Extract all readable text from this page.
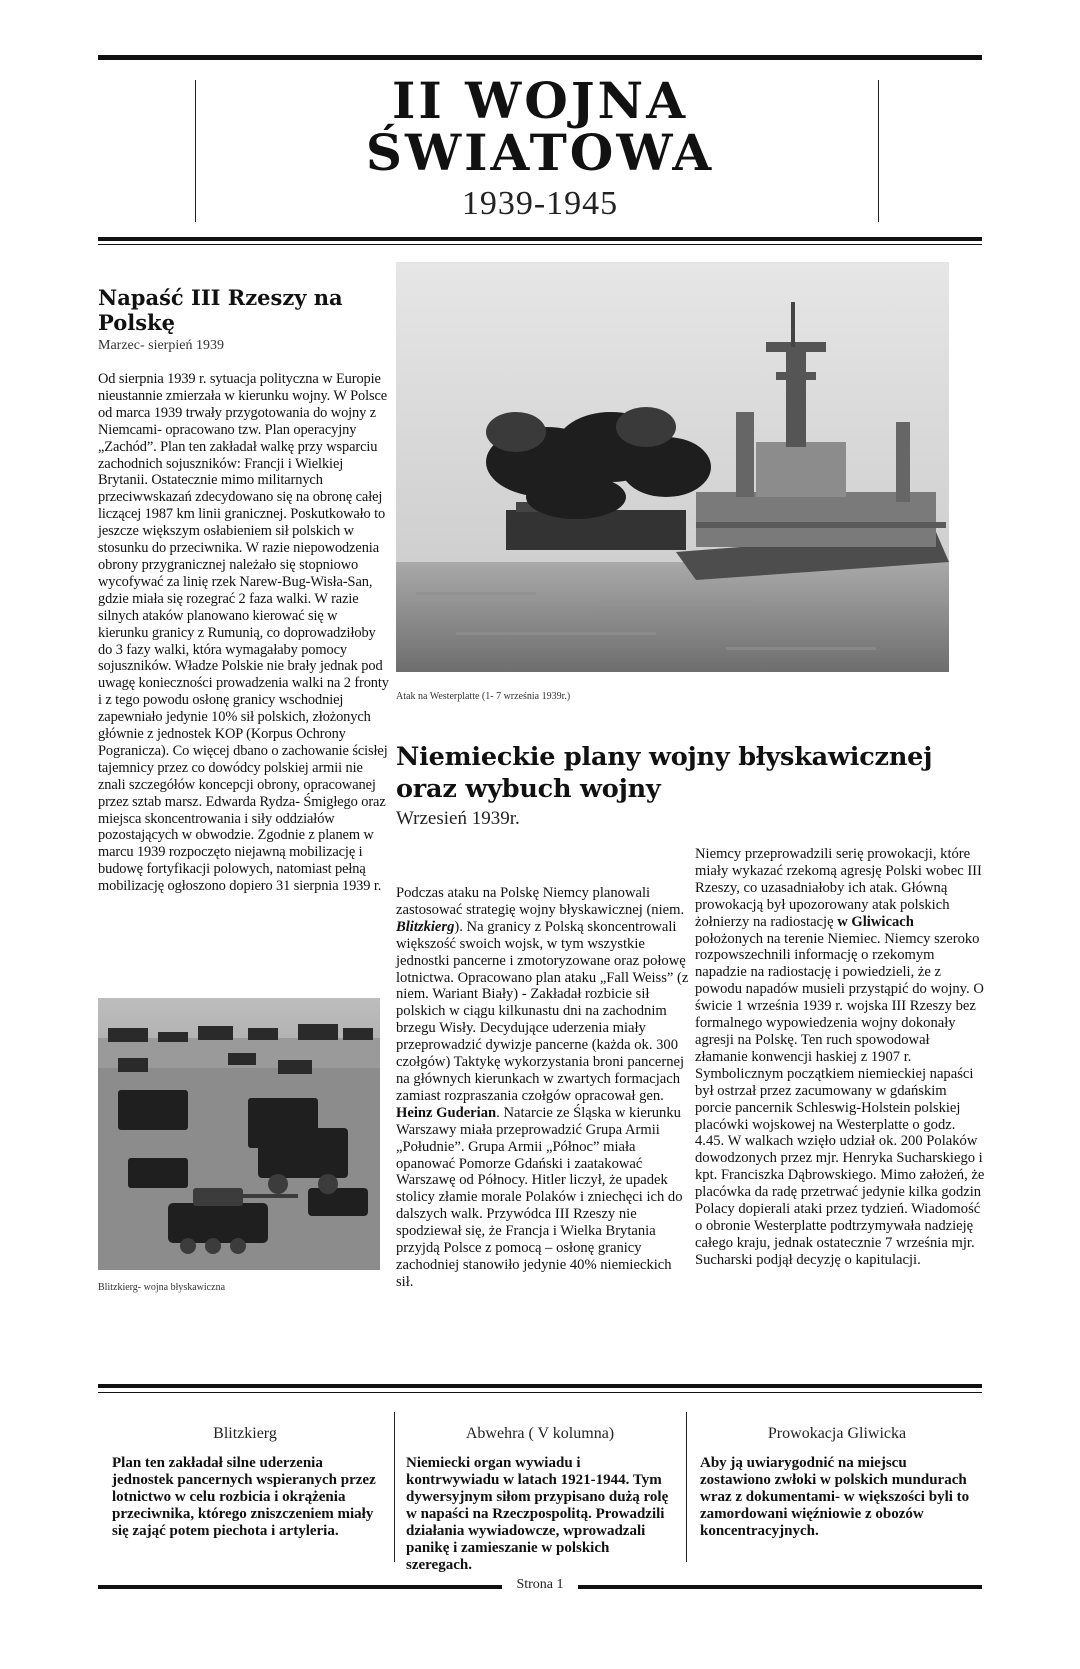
II WOJNA
ŚWIATOWA
1939-1945
Napaść III Rzeszy na Polskę
Marzec- sierpień 1939
Od sierpnia 1939 r. sytuacja polityczna w Europie nieustannie zmierzała w kierunku wojny. W Polsce od marca 1939 trwały przygotowania do wojny z Niemcami- opracowano tzw. Plan operacyjny „Zachód”. Plan ten zakładał walkę przy wsparciu zachodnich sojuszników: Francji i Wielkiej Brytanii. Ostatecznie mimo militarnych przeciwwskazań zdecydowano się na obronę całej liczącej 1987 km linii granicznej. Poskutkowało to jeszcze większym osłabieniem sił polskich w stosunku do przeciwnika. W razie niepowodzenia obrony przygranicznej należało się stopniowo wycofywać za linię rzek Narew-Bug-Wisła-San, gdzie miała się rozegrać 2 faza walki. W razie silnych ataków planowano kierować się w kierunku granicy z Rumunią, co doprowadziłoby do 3 fazy walki, która wymagałaby pomocy sojuszników. Władze Polskie nie brały jednak pod uwagę konieczności prowadzenia walki na 2 fronty i z tego powodu osłonę granicy wschodniej zapewniało jedynie 10% sił polskich, złożonych głównie z jednostek KOP (Korpus Ochrony Pogranicza). Co więcej dbano o zachowanie ścisłej tajemnicy przez co dowódcy polskiej armii nie znali szczegółów koncepcji obrony, opracowanej przez sztab marsz. Edwarda Rydza- Śmigłego oraz miejsca skoncentrowania i siły oddziałów pozostających w obwodzie. Zgodnie z planem w marcu 1939 rozpoczęto niejawną mobilizację i budowę fortyfikacji polowych, natomiast pełną mobilizację ogłoszono dopiero 31 sierpnia 1939 r.
Blitzkierg- wojna błyskawiczna
Atak na Westerplatte (1- 7 września 1939r.)
Niemieckie plany wojny błyskawicznej oraz wybuch wojny
Wrzesień 1939r.
Podczas ataku na Polskę Niemcy planowali zastosować strategię wojny błyskawicznej (niem. Blitzkierg). Na granicy z Polską skoncentrowali większość swoich wojsk, w tym wszystkie jednostki pancerne i zmotoryzowane oraz połowę lotnictwa. Opracowano plan ataku „Fall Weiss” (z niem. Wariant Biały) - Zakładał rozbicie sił polskich w ciągu kilkunastu dni na zachodnim brzegu Wisły. Decydujące uderzenia miały przeprowadzić dywizje pancerne (każda ok. 300 czołgów) Taktykę wykorzystania broni pancernej na głównych kierunkach w zwartych formacjach zamiast rozpraszania czołgów opracował gen. Heinz Guderian. Natarcie ze Śląska w kierunku Warszawy miała przeprowadzić Grupa Armii „Południe”. Grupa Armii „Północ” miała opanować Pomorze Gdański i zaatakować Warszawę od Północy. Hitler liczył, że upadek stolicy złamie morale Polaków i zniechęci ich do dalszych walk. Przywódca III Rzeszy nie spodziewał się, że Francja i Wielka Brytania przyjdą Polsce z pomocą – osłonę granicy zachodniej stanowiło jedynie 40% niemieckich sił.
Niemcy przeprowadzili serię prowokacji, które miały wykazać rzekomą agresję Polski wobec III Rzeszy, co uzasadniałoby ich atak. Główną prowokacją był upozorowany atak polskich żołnierzy na radiostację w Gliwicach położonych na terenie Niemiec. Niemcy szeroko rozpowszechnili informację o rzekomym napadzie na radiostację i powiedzieli, że z powodu napadów musieli przystąpić do wojny. O świcie 1 września 1939 r. wojska III Rzeszy bez formalnego wypowiedzenia wojny dokonały agresji na Polskę. Ten ruch spowodował złamanie konwencji haskiej z 1907 r. Symbolicznym początkiem niemieckiej napaści był ostrzał przez zacumowany w gdańskim porcie pancernik Schleswig-Holstein polskiej placówki wojskowej na Westerplatte o godz. 4.45. W walkach wzięło udział ok. 200 Polaków dowodzonych przez mjr. Henryka Sucharskiego i kpt. Franciszka Dąbrowskiego. Mimo założeń, że placówka da radę przetrwać jedynie kilka godzin Polacy dopierali ataki przez tydzień. Wiadomość o obronie Westerplatte podtrzymywała nadzieję całego kraju, jednak ostatecznie 7 września mjr. Sucharski podjął decyzję o kapitulacji.
Blitzkierg
Plan ten zakładał silne uderzenia jednostek pancernych wspieranych przez lotnictwo w celu rozbicia i okrążenia przeciwnika, którego zniszczeniem miały się zająć potem piechota i artyleria.
Abwehra ( V kolumna)
Niemiecki organ wywiadu i kontrwywiadu w latach 1921-1944. Tym dywersyjnym siłom przypisano dużą rolę w napaści na Rzeczpospolitą. Prowadzili działania wywiadowcze, wprowadzali panikę i zamieszanie w polskich szeregach.
Prowokacja Gliwicka
Aby ją uwiarygodnić na miejscu zostawiono zwłoki w polskich mundurach wraz z dokumentami- w większości byli to zamordowani więźniowie z obozów koncentracyjnych.
Strona 1
